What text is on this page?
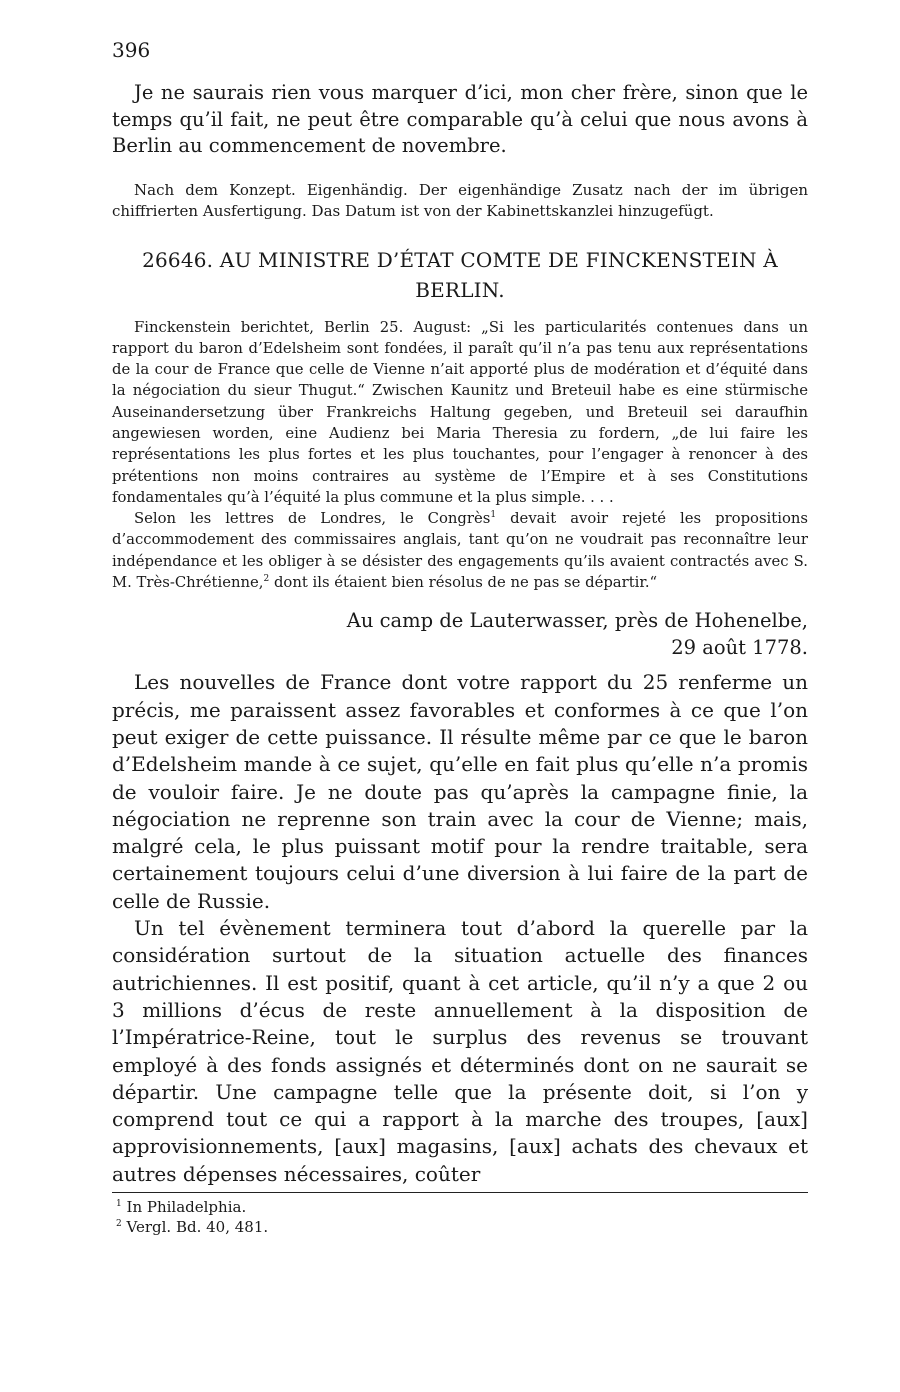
396

Je ne saurais rien vous marquer d’ici, mon cher frère, sinon que le temps qu’il fait, ne peut être comparable qu’à celui que nous avons à Berlin au commencement de novembre.

Nach dem Konzept. Eigenhändig. Der eigenhändige Zusatz nach der im übrigen chiffrierten Ausfertigung. Das Datum ist von der Kabinettskanzlei hinzugefügt.

26646. AU MINISTRE D’ÉTAT COMTE DE FINCKENSTEIN À BERLIN.

Finckenstein berichtet, Berlin 25. August: „Si les particularités contenues dans un rapport du baron d’Edelsheim sont fondées, il paraît qu’il n’a pas tenu aux représentations de la cour de France que celle de Vienne n’ait apporté plus de modération et d’équité dans la négociation du sieur Thugut.“ Zwischen Kaunitz und Breteuil habe es eine stürmische Auseinandersetzung über Frankreichs Haltung gegeben, und Breteuil sei daraufhin angewiesen worden, eine Audienz bei Maria Theresia zu fordern, „de lui faire les représentations les plus fortes et les plus touchantes, pour l’engager à renoncer à des prétentions non moins contraires au système de l’Empire et à ses Constitutions fondamentales qu’à l’équité la plus commune et la plus simple. . . .

Selon les lettres de Londres, le Congrès$^1$ devait avoir rejeté les propositions d’accommodement des commissaires anglais, tant qu’on ne voudrait pas reconnaître leur indépendance et les obliger à se désister des engagements qu’ils avaient contractés avec S. M. Très-Chrétienne,$^2$ dont ils étaient bien résolus de ne pas se départir.“

Au camp de Lauterwasser, près de Hohenelbe,
29 août 1778.

Les nouvelles de France dont votre rapport du 25 renferme un précis, me paraissent assez favorables et conformes à ce que l’on peut exiger de cette puissance. Il résulte même par ce que le baron d’Edelsheim mande à ce sujet, qu’elle en fait plus qu’elle n’a promis de vouloir faire. Je ne doute pas qu’après la campagne finie, la négociation ne reprenne son train avec la cour de Vienne; mais, malgré cela, le plus puissant motif pour la rendre traitable, sera certainement toujours celui d’une diversion à lui faire de la part de celle de Russie.

Un tel évènement terminera tout d’abord la querelle par la considération surtout de la situation actuelle des finances autrichiennes. Il est positif, quant à cet article, qu’il n’y a que 2 ou 3 millions d’écus de reste annuellement à la disposition de l’Impératrice-Reine, tout le surplus des revenus se trouvant employé à des fonds assignés et déterminés dont on ne saurait se départir. Une campagne telle que la présente doit, si l’on y comprend tout ce qui a rapport à la marche des troupes, [aux] approvisionnements, [aux] magasins, [aux] achats des chevaux et autres dépenses nécessaires, coûter

$^1$ In Philadelphia.

$^2$ Vergl. Bd. 40, 481.
